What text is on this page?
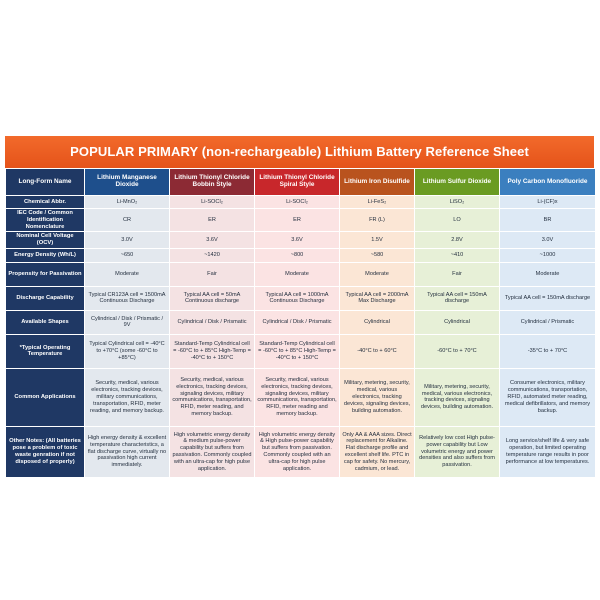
POPULAR PRIMARY (non-rechargeable) Lithium Battery Reference Sheet
Long-Form Name	Lithium Manganese Dioxide	Lithium Thionyl Chloride Bobbin Style	Lithium Thionyl Chloride Spiral Style	Lithium Iron Disulfide	Lithium Sulfur Dioxide	Poly Carbon Monofluoride
Chemical Abbr.	Li-MnO₂	Li-SOCl₂	Li-SOCl₂	Li-FeS₂	LiSO₂	Li-(CF)x
IEC Code / Common Identification Nomenclature	CR	ER	ER	FR (L)	LO	BR
Nominal Cell Voltage (OCV)	3.0V	3.6V	3.6V	1.5V	2.8V	3.0V
Energy Density (Wh/L)	~650	~1420	~800	~580	~410	~1000
Propensity for Passivation	Moderate	Fair	Moderate	Moderate	Fair	Moderate
Discharge Capability	Typical CR123A cell = 1500mA Continuous Discharge	Typical AA cell = 50mA Continuous discharge	Typical AA cell = 1000mA Continuous Discharge	Typical AA cell = 2000mA Max Discharge	Typical AA cell = 150mA discharge	Typical AA cell = 150mA discharge
Available Shapes	Cylindrical / Disk / Prismatic / 9V	Cylindrical / Disk / Prismatic	Cylindrical / Disk / Prismatic	Cylindrical	Cylindrical	Cylindrical / Prismatic
*Typical Operating Temperature	Typical Cylindrical cell = -40°C to +70°C (some -60°C to +85°C)	Standard-Temp Cylindrical cell = -60°C to + 85°C High-Temp = -40°C to + 150°C	Standard-Temp Cylindrical cell = -60°C to + 85°C High-Temp = -40°C to + 150°C	-40°C to + 60°C	-60°C to + 70°C	-35°C to + 70°C
Common Applications	Security, medical, various electronics, tracking devices, military communications, transportation, RFID, meter reading, and memory backup.	Security, medical, various electronics, tracking devices, signaling devices, military communications, transportation, RFID, meter reading, and memory backup.	Security, medical, various electronics, tracking devices, signaling devices, military communications, transportation, RFID, meter reading and memory backup.	Military, metering, security, medical, various electronics, tracking devices, signaling devices, building automation.	Military, metering, security, medical, various electronics, tracking devices, signaling devices, building automation.	Consumer electronics, military communications, transportation, RFID, automated meter reading, medical defibrillators, and memory backup.
Other Notes: (All batteries pose a problem of toxic waste genration if not disposed of properly)	High energy density & excellent temperature characteristics, a flat discharge curve, virtually no passivation high current immediately.	High volumetric energy density & medium pulse-power capability but suffers from passivation. Commonly coupled with an ultra-cap for high pulse application.	High volumetric energy density & High pulse-power capability but suffers from passivation. Commonly coupled with an ultra-cap for high pulse application.	Only AA & AAA sizes. Direct replacement for Alkaline. Flat discharge profile and excellent shelf life. PTC in cap for safety. No mercury, cadmium, or lead.	Relatively low cost High pulse-power capability but Low volumetric energy and power densities and also suffers from passivation.	Long service/shelf life & very safe operation, but limited operating temperature range results in poor performance at low temperatures.
